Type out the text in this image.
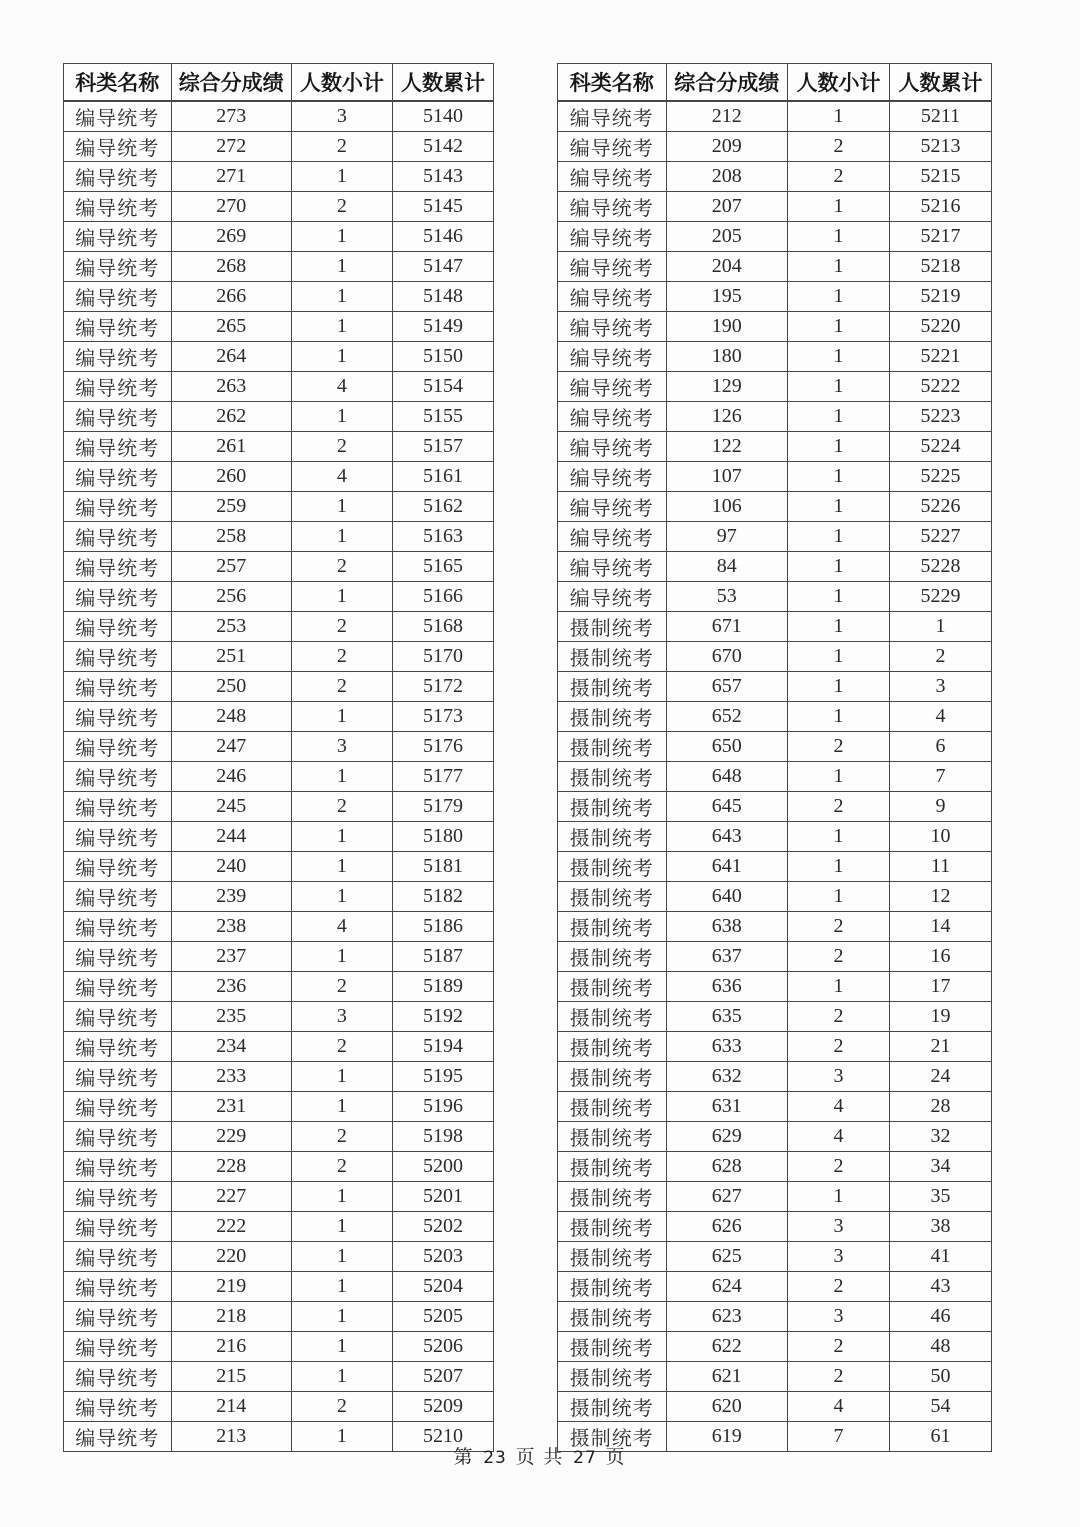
科类名称	综合分成绩	人数小计	人数累计
编导统考	273	3	5140
编导统考	272	2	5142
编导统考	271	1	5143
编导统考	270	2	5145
编导统考	269	1	5146
编导统考	268	1	5147
编导统考	266	1	5148
编导统考	265	1	5149
编导统考	264	1	5150
编导统考	263	4	5154
编导统考	262	1	5155
编导统考	261	2	5157
编导统考	260	4	5161
编导统考	259	1	5162
编导统考	258	1	5163
编导统考	257	2	5165
编导统考	256	1	5166
编导统考	253	2	5168
编导统考	251	2	5170
编导统考	250	2	5172
编导统考	248	1	5173
编导统考	247	3	5176
编导统考	246	1	5177
编导统考	245	2	5179
编导统考	244	1	5180
编导统考	240	1	5181
编导统考	239	1	5182
编导统考	238	4	5186
编导统考	237	1	5187
编导统考	236	2	5189
编导统考	235	3	5192
编导统考	234	2	5194
编导统考	233	1	5195
编导统考	231	1	5196
编导统考	229	2	5198
编导统考	228	2	5200
编导统考	227	1	5201
编导统考	222	1	5202
编导统考	220	1	5203
编导统考	219	1	5204
编导统考	218	1	5205
编导统考	216	1	5206
编导统考	215	1	5207
编导统考	214	2	5209
编导统考	213	1	5210
科类名称	综合分成绩	人数小计	人数累计
编导统考	212	1	5211
编导统考	209	2	5213
编导统考	208	2	5215
编导统考	207	1	5216
编导统考	205	1	5217
编导统考	204	1	5218
编导统考	195	1	5219
编导统考	190	1	5220
编导统考	180	1	5221
编导统考	129	1	5222
编导统考	126	1	5223
编导统考	122	1	5224
编导统考	107	1	5225
编导统考	106	1	5226
编导统考	97	1	5227
编导统考	84	1	5228
编导统考	53	1	5229
摄制统考	671	1	1
摄制统考	670	1	2
摄制统考	657	1	3
摄制统考	652	1	4
摄制统考	650	2	6
摄制统考	648	1	7
摄制统考	645	2	9
摄制统考	643	1	10
摄制统考	641	1	11
摄制统考	640	1	12
摄制统考	638	2	14
摄制统考	637	2	16
摄制统考	636	1	17
摄制统考	635	2	19
摄制统考	633	2	21
摄制统考	632	3	24
摄制统考	631	4	28
摄制统考	629	4	32
摄制统考	628	2	34
摄制统考	627	1	35
摄制统考	626	3	38
摄制统考	625	3	41
摄制统考	624	2	43
摄制统考	623	3	46
摄制统考	622	2	48
摄制统考	621	2	50
摄制统考	620	4	54
摄制统考	619	7	61
第 23 页 共 27 页
